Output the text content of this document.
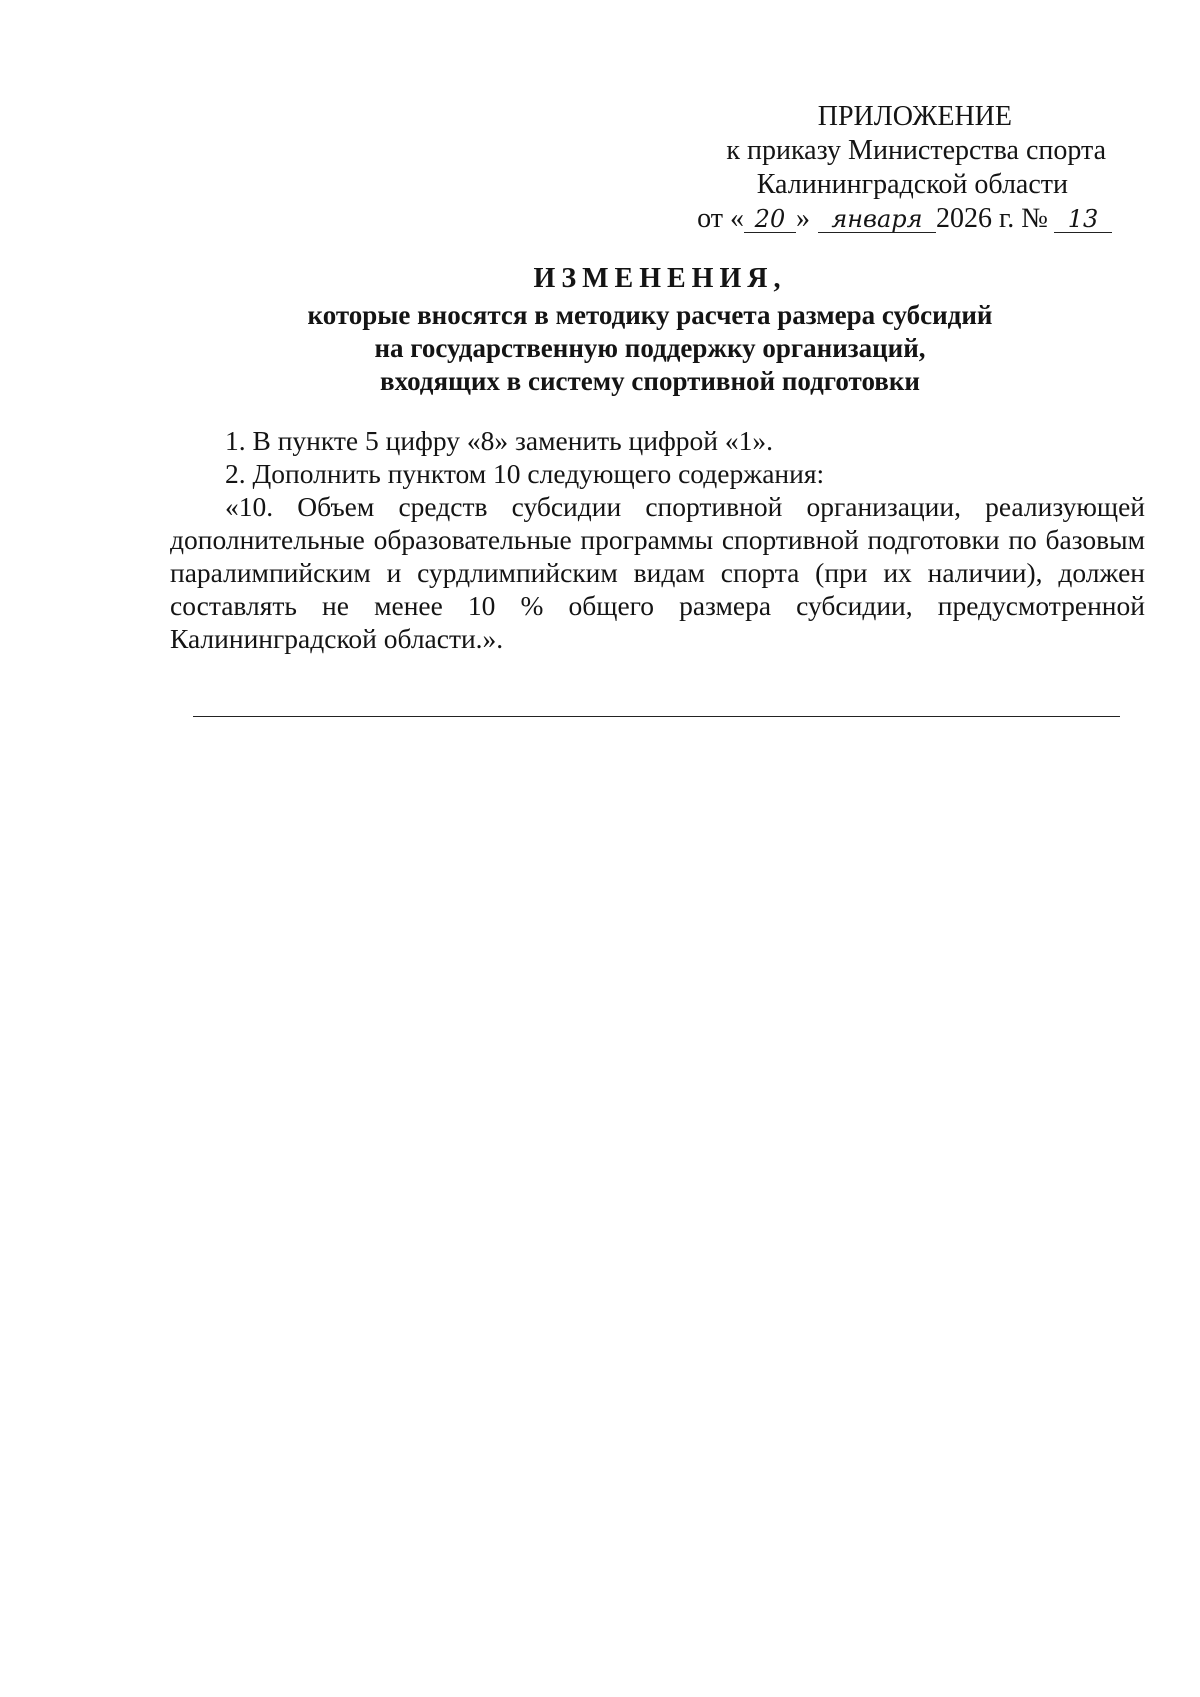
ПРИЛОЖЕНИЕ
к приказу Министерства спорта
Калининградской области
от « 20 » января 2026 г. № 13
ИЗМЕНЕНИЯ,
которые вносятся в методику расчета размера субсидий
на государственную поддержку организаций,
входящих в систему спортивной подготовки

1. В пункте 5 цифру «8» заменить цифрой «1».

2. Дополнить пунктом 10 следующего содержания:

«10. Объем средств субсидии спортивной организации, реализующей дополнительные образовательные программы спортивной подготовки по базовым паралимпийским и сурдлимпийским видам спорта (при их наличии), должен составлять не менее 10 % общего размера субсидии, предусмотренной Калининградской области.».
